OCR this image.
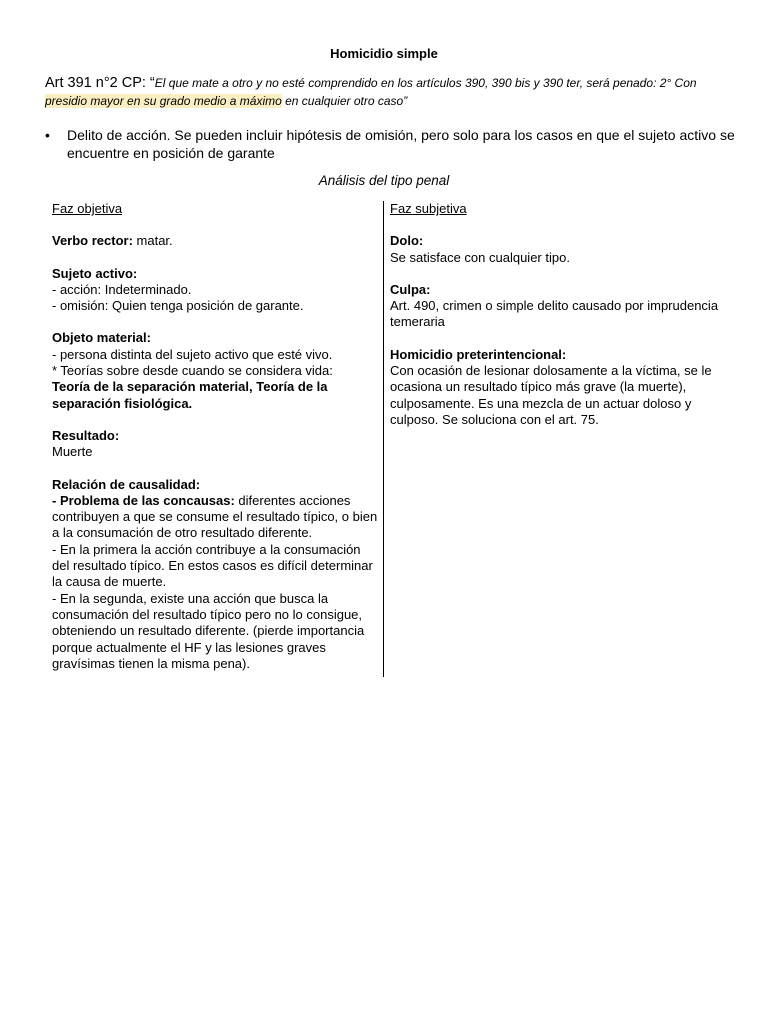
Homicidio simple
Art 391 n°2 CP: “El que mate a otro y no esté comprendido en los artículos 390, 390 bis y 390 ter, será penado: 2° Con presidio mayor en su grado medio a máximo en cualquier otro caso”
• Delito de acción. Se pueden incluir hipótesis de omisión, pero solo para los casos en que el sujeto activo se encuentre en posición de garante
Análisis del tipo penal
Faz objetiva
Verbo rector: matar.
Sujeto activo:
- acción: Indeterminado.
- omisión: Quien tenga posición de garante.
Objeto material:
- persona distinta del sujeto activo que esté vivo.
* Teorías sobre desde cuando se considera vida:
Teoría de la separación material, Teoría de la separación fisiológica.
Resultado:
Muerte
Relación de causalidad:
- Problema de las concausas: diferentes acciones contribuyen a que se consume el resultado típico, o bien a la consumación de otro resultado diferente.
- En la primera la acción contribuye a la consumación del resultado típico. En estos casos es difícil determinar la causa de muerte.
- En la segunda, existe una acción que busca la consumación del resultado típico pero no lo consigue, obteniendo un resultado diferente. (pierde importancia porque actualmente el HF y las lesiones graves gravísimas tienen la misma pena).
Faz subjetiva
Dolo:
Se satisface con cualquier tipo.
Culpa:
Art. 490, crimen o simple delito causado por imprudencia temeraria
Homicidio preterintencional:
Con ocasión de lesionar dolosamente a la víctima, se le ocasiona un resultado típico más grave (la muerte), culposamente. Es una mezcla de un actuar doloso y culposo. Se soluciona con el art. 75.
